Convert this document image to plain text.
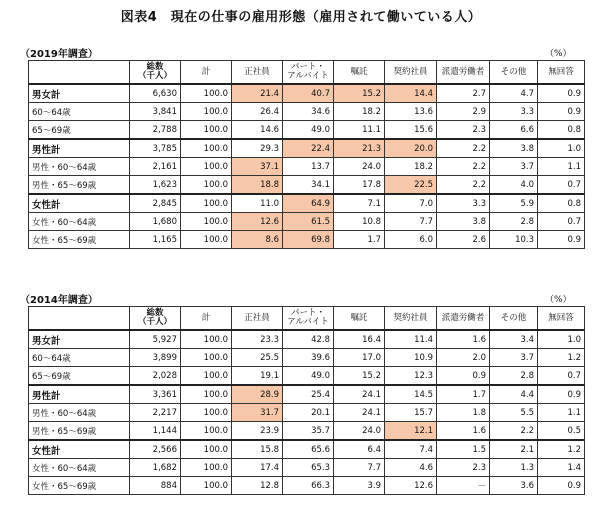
図表4　現在の仕事の雇用形態（雇用されて働いている人）
（2019年調査）	（%）
	総数
（千人）	計	正社員	パート・
アルバイト	嘱託	契約社員	派遣労働者	その他	無回答
男女計	6,630	100.0	21.4	40.7	15.2	14.4	2.7	4.7	0.9
60～64歳	3,841	100.0	26.4	34.6	18.2	13.6	2.9	3.3	0.9
65～69歳	2,788	100.0	14.6	49.0	11.1	15.6	2.3	6.6	0.8
男性計	3,785	100.0	29.3	22.4	21.3	20.0	2.2	3.8	1.0
男性・60～64歳	2,161	100.0	37.1	13.7	24.0	18.2	2.2	3.7	1.1
男性・65～69歳	1,623	100.0	18.8	34.1	17.8	22.5	2.2	4.0	0.7
女性計	2,845	100.0	11.0	64.9	7.1	7.0	3.3	5.9	0.8
女性・60～64歳	1,680	100.0	12.6	61.5	10.8	7.7	3.8	2.8	0.7
女性・65～69歳	1,165	100.0	8.6	69.8	1.7	6.0	2.6	10.3	0.9
（2014年調査）	（%）
	総数
（千人）	計	正社員	パート・
アルバイト	嘱託	契約社員	派遣労働者	その他	無回答
男女計	5,927	100.0	23.3	42.8	16.4	11.4	1.6	3.4	1.0
60～64歳	3,899	100.0	25.5	39.6	17.0	10.9	2.0	3.7	1.2
65～69歳	2,028	100.0	19.1	49.0	15.2	12.3	0.9	2.8	0.7
男性計	3,361	100.0	28.9	25.4	24.1	14.5	1.7	4.4	0.9
男性・60～64歳	2,217	100.0	31.7	20.1	24.1	15.7	1.8	5.5	1.1
男性・65～69歳	1,144	100.0	23.9	35.7	24.0	12.1	1.6	2.2	0.5
女性計	2,566	100.0	15.8	65.6	6.4	7.4	1.5	2.1	1.2
女性・60～64歳	1,682	100.0	17.4	65.3	7.7	4.6	2.3	1.3	1.4
女性・65～69歳	884	100.0	12.8	66.3	3.9	12.6	－	3.6	0.9
